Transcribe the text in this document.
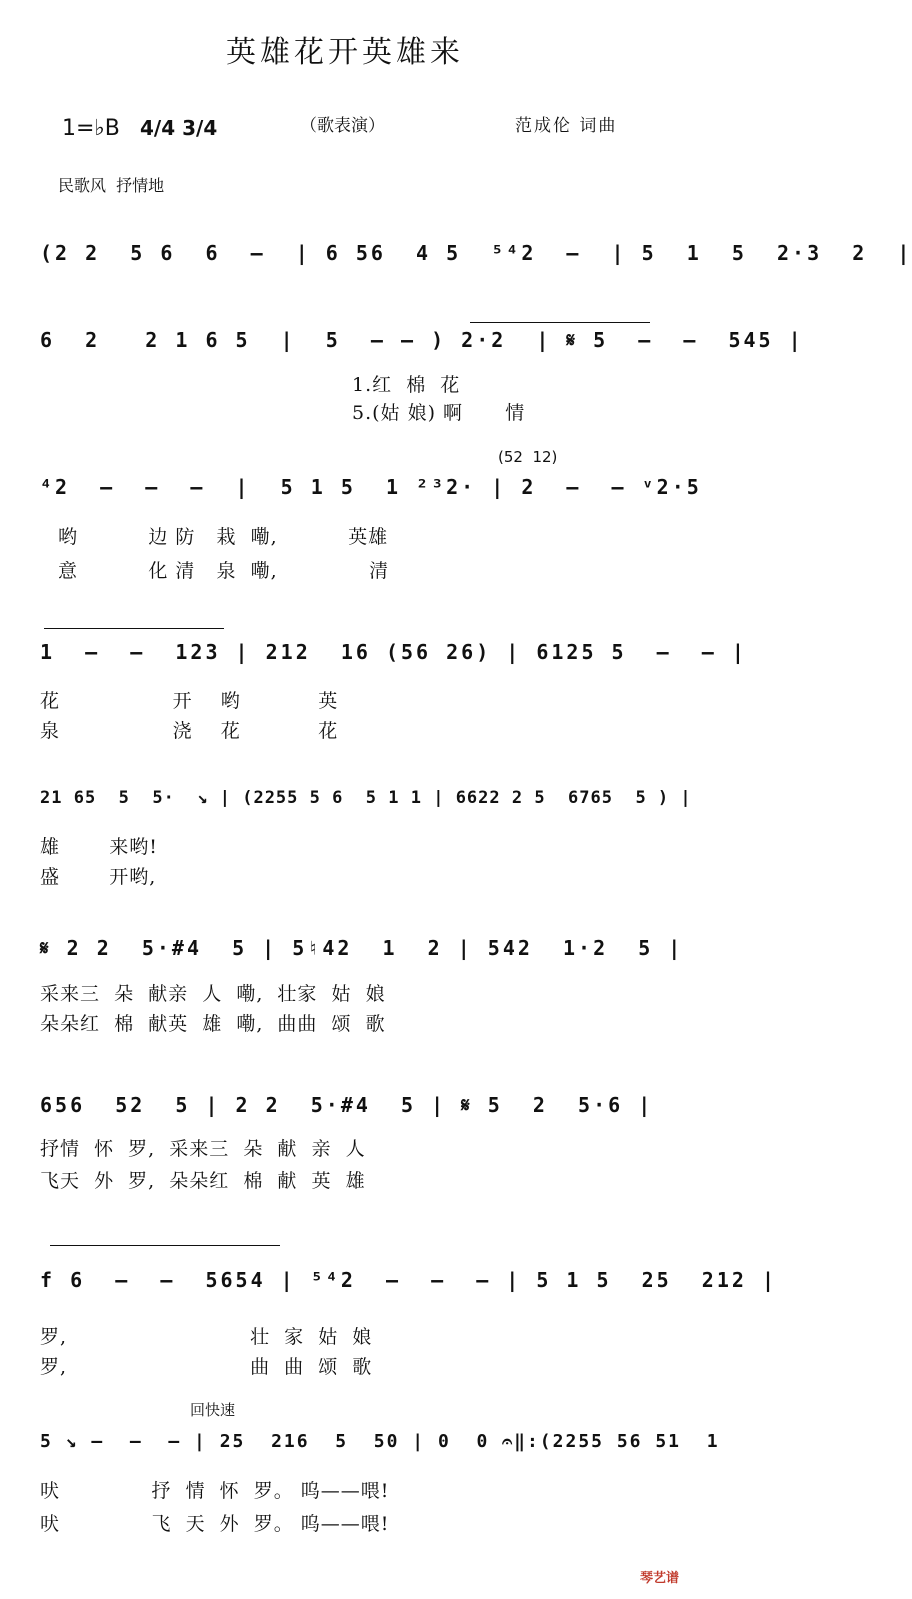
英雄花开英雄来
1=♭B 4/4 3/4	（歌表演）	范成伦 词曲
民歌风  抒情地
(2 2  5 6  6  —  | 6 56  4 5  ⁵⁴2  —  | 5  1  5  2·3  2  |
6  2   2 1 6 5  |  5  — — ) 2·2  | 𝄋 5  —  —  545 |
1.红  棉  花
5.(姑 娘) 啊      情
(52  12)
⁴2  —  —  —  |  5 1 5  1 ²³2· | 2  —  — ᵛ2·5
哟          边 防   栽  嘞,          英雄
意          化 清   泉  嘞,             清
1  —  —  123 | 212  16 (56 26) | 6125 5  —  — |
花                开    哟           英
泉                浇    花           花
21 65  5  5·  ↘ | (2255 5 6  5 1 1 | 6622 2 5  6765  5 ) |
雄       来哟!
盛       开哟,
𝄋 2 2  5·#4  5 | 5♮42  1  2 | 542  1·2  5 |
采来三  朵  献亲  人  嘞,  壮家  姑  娘
朵朵红  棉  献英  雄  嘞,  曲曲  颂  歌
656  52  5 | 2 2  5·#4  5 | 𝄋 5  2  5·6 |
抒情  怀  罗,  采来三  朵  献  亲  人
飞天  外  罗,  朵朵红  棉  献  英  雄
f 6  —  —  5654 | ⁵⁴2  —  —  — | 5 1 5  25  212 |
罗,                          壮  家  姑  娘
罗,                          曲  曲  颂  歌
回快速
5 ↘ —  —  — | 25  216  5  50 | 0  0 𝄐‖:(2255 56 51  1
吠             抒  情  怀  罗。 呜——喂!
吠             飞  天  外  罗。 呜——喂!
琴艺谱
